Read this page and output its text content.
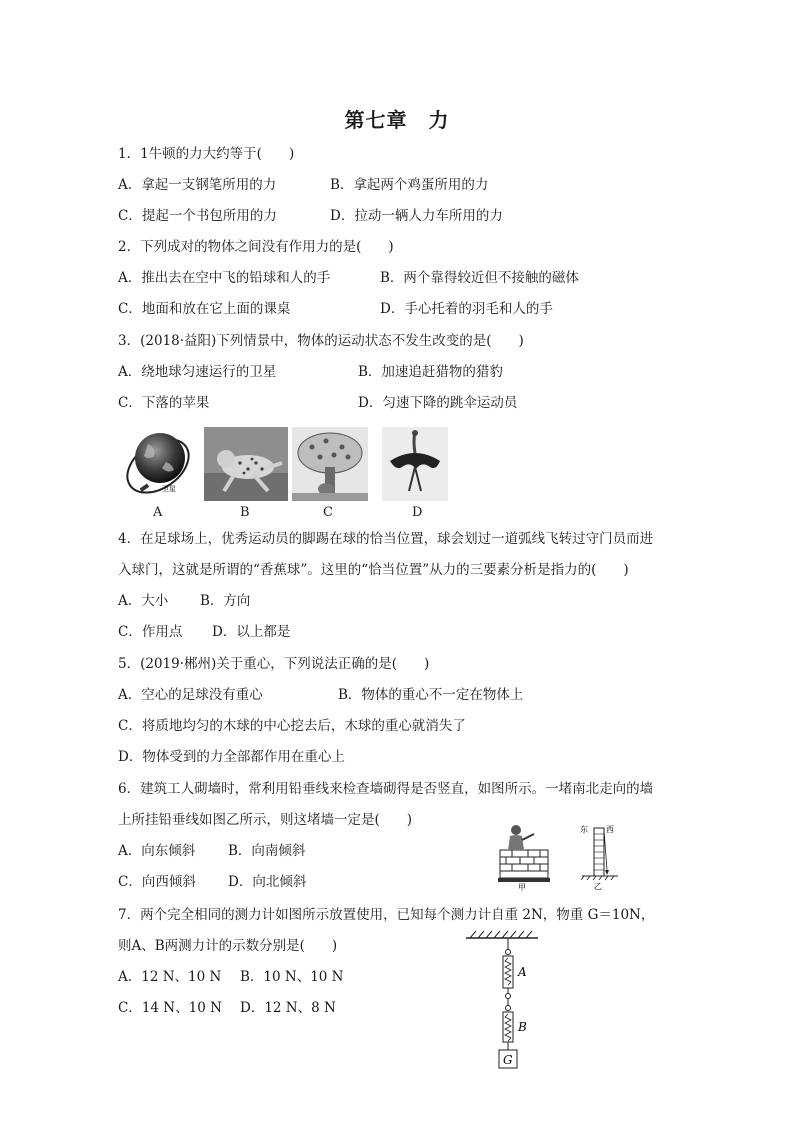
第七章　力
1．1牛顿的力大约等于(　　)
A．拿起一支钢笔所用的力	B．拿起两个鸡蛋所用的力
C．提起一个书包所用的力	D．拉动一辆人力车所用的力
2．下列成对的物体之间没有作用力的是(　　)
A．推出去在空中飞的铅球和人的手	B．两个靠得较近但不接触的磁体
C．地面和放在它上面的课桌	D．手心托着的羽毛和人的手
3．(2018·益阳)下列情景中，物体的运动状态不发生改变的是(　　)
A．绕地球匀速运行的卫星	B．加速追赶猎物的猎豹
C．下落的苹果	D．匀速下降的跳伞运动员
卫星
A	B	C	D
4．在足球场上，优秀运动员的脚踢在球的恰当位置，球会划过一道弧线飞转过守门员而进
入球门，这就是所谓的“香蕉球”。这里的“恰当位置”从力的三要素分析是指力的(　　)
A．大小 B．方向
C．作用点 D．以上都是
5．(2019·郴州)关于重心，下列说法正确的是(　　)
A．空心的足球没有重心	B．物体的重心不一定在物体上
C．将质地均匀的木球的中心挖去后，木球的重心就消失了
D．物体受到的力全部都作用在重心上
6．建筑工人砌墙时，常利用铅垂线来检查墙砌得是否竖直，如图所示。一堵南北走向的墙
上所挂铅垂线如图乙所示，则这堵墙一定是(　　)
A．向东倾斜 B．向南倾斜
C．向西倾斜 D．向北倾斜	甲
东 西
乙
7．两个完全相同的测力计如图所示放置使用，已知每个测力计自重 2N，物重 G＝10N，
则A、B两测力计的示数分别是(　　)
A．12 N、10 N B．10 N、10 N
C．14 N、10 N D．12 N、8 N
A
B
G
